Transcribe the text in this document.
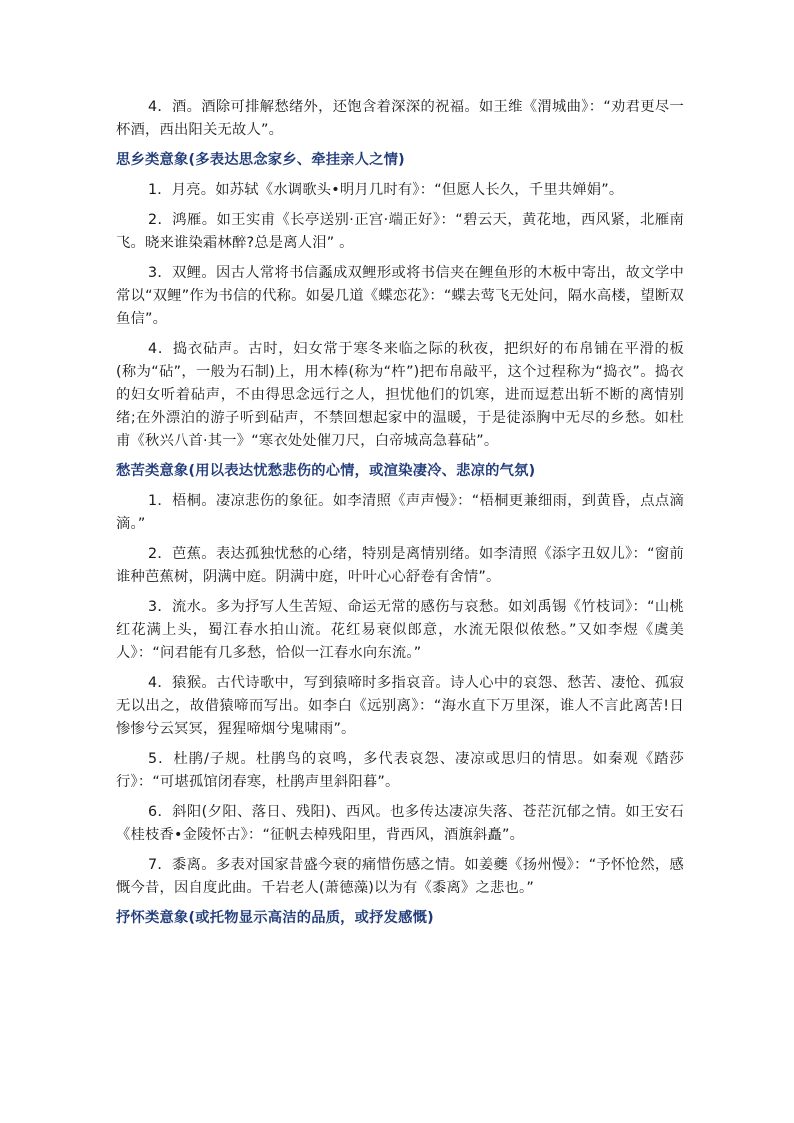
4．酒。酒除可排解愁绪外，还饱含着深深的祝福。如王维《渭城曲》：“劝君更尽一杯酒，西出阳关无故人”。

思乡类意象(多表达思念家乡、牵挂亲人之情)

1．月亮。如苏轼《水调歌头•明月几时有》：“但愿人长久，千里共婵娟”。

2．鸿雁。如王实甫《长亭送别·正宫·端正好》：“碧云天，黄花地，西风紧，北雁南飞。晓来谁染霜林醉?总是离人泪” 。

3．双鲤。因古人常将书信蟸成双鲤形或将书信夹在鲤鱼形的木板中寄出，故文学中常以“双鲤”作为书信的代称。如晏几道《蝶恋花》：“蝶去莺飞无处问，隔水高楼，望断双鱼信”。

4．捣衣砧声。古时，妇女常于寒冬来临之际的秋夜，把织好的布帛铺在平滑的板(称为“砧”，一般为石制)上，用木棒(称为“杵”)把布帛敲平，这个过程称为“捣衣”。捣衣的妇女听着砧声，不由得思念远行之人，担忧他们的饥寒，进而逗惹出斩不断的离情别绪;在外漂泊的游子听到砧声，不禁回想起家中的温暖，于是徒添胸中无尽的乡愁。如杜甫《秋兴八首·其一》“寒衣处处催刀尺，白帝城高急暮砧”。

愁苦类意象(用以表达忧愁悲伤的心情，或渲染凄冷、悲凉的气氛)

1．梧桐。凄凉悲伤的象征。如李清照《声声慢》：“梧桐更兼细雨，到黄昏，点点滴滴。”

2．芭蕉。表达孤独忧愁的心绪，特别是离情别绪。如李清照《添字丑奴儿》：“窗前谁种芭蕉树，阴满中庭。阴满中庭，叶叶心心舒卷有舍情”。

3．流水。多为抒写人生苦短、命运无常的感伤与哀愁。如刘禹锡《竹枝词》：“山桃红花满上头，蜀江春水拍山流。花红易衰似郎意，水流无限似侬愁。”又如李煜《虞美人》：“问君能有几多愁，恰似一江春水向东流。”

4．猿猴。古代诗歌中，写到猿啼时多指哀音。诗人心中的哀怨、愁苦、凄怆、孤寂无以出之，故借猿啼而写出。如李白《远别离》：“海水直下万里深，谁人不言此离苦!日惨惨兮云冥冥，猩猩啼烟兮鬼啸雨”。

5．杜鹃/子规。杜鹃鸟的哀鸣，多代表哀怨、凄凉或思归的情思。如秦观《踏莎行》：“可堪孤馆闭春寒，杜鹃声里斜阳暮”。

6．斜阳(夕阳、落日、残阳)、西风。也多传达凄凉失落、苍茫沉郁之情。如王安石《桂枝香•金陵怀古》：“征帆去棹残阳里，背西风，酒旗斜矗”。

7．黍离。多表对国家昔盛今衰的痛惜伤感之情。如姜夔《扬州慢》：“予怀怆然，感慨今昔，因自度此曲。千岩老人(萧德藻)以为有《黍离》之悲也。”

抒怀类意象(或托物显示高洁的品质，或抒发感慨)
